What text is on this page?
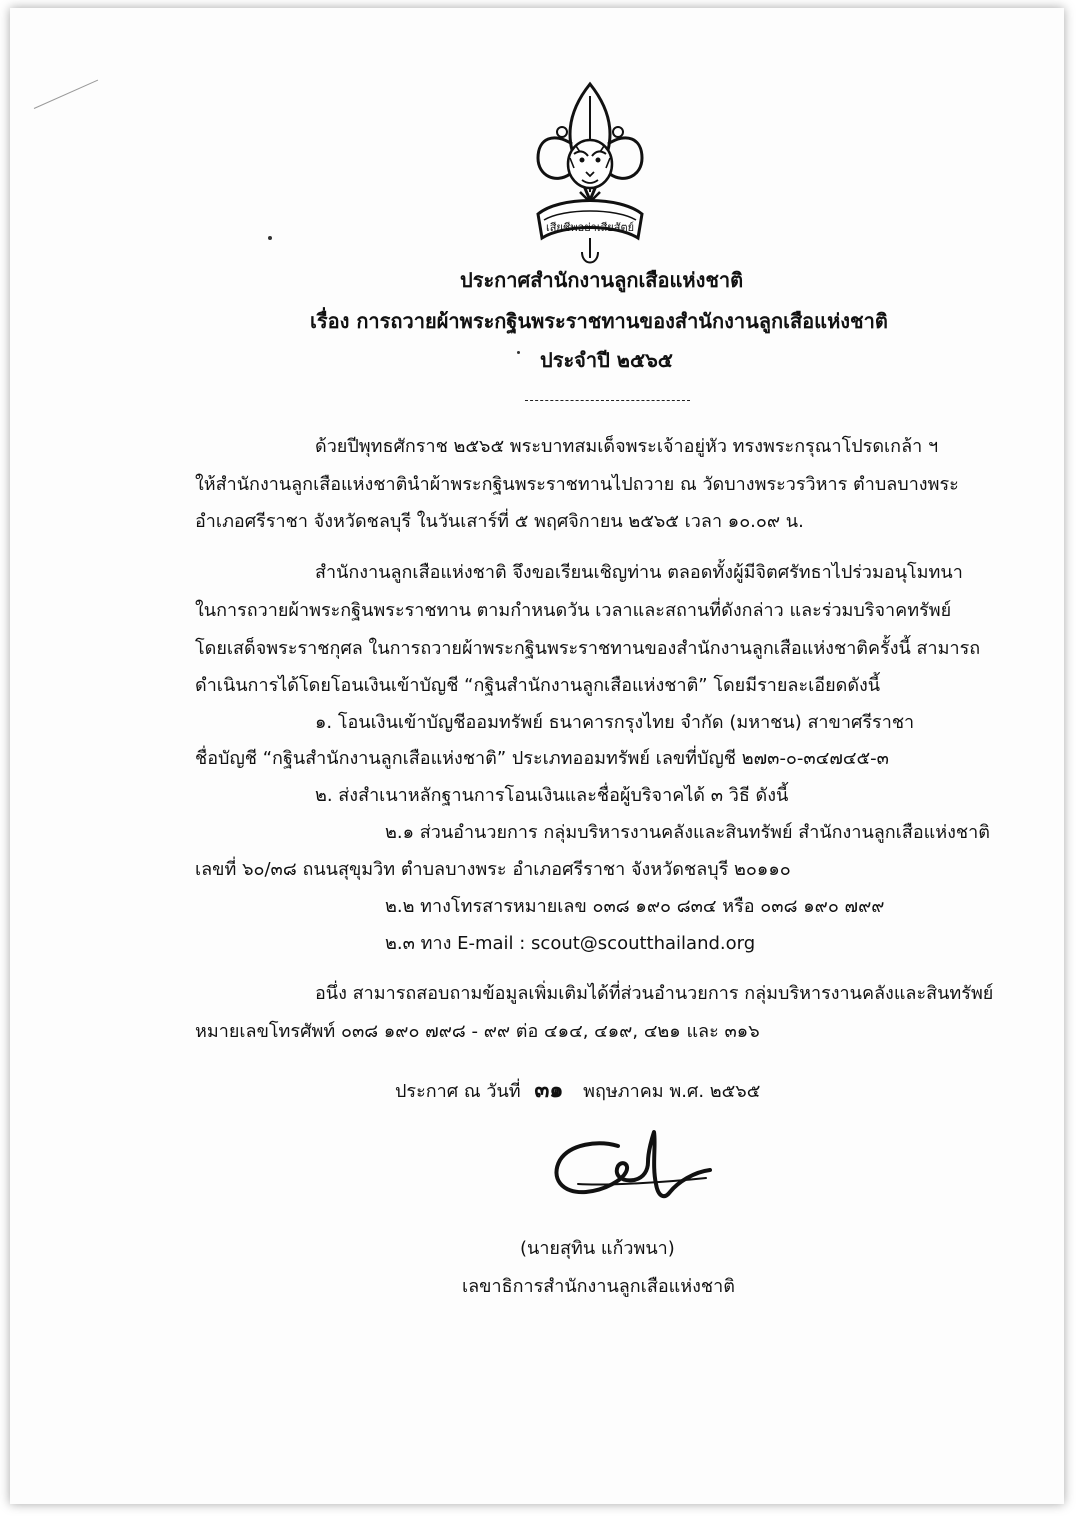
เสียชีพอย่าเสียสัตย์
ประกาศสำนักงานลูกเสือแห่งชาติ
เรื่อง การถวายผ้าพระกฐินพระราชทานของสำนักงานลูกเสือแห่งชาติ
ประจำปี ๒๕๖๕
ด้วยปีพุทธศักราช ๒๕๖๕ พระบาทสมเด็จพระเจ้าอยู่หัว ทรงพระกรุณาโปรดเกล้า ฯ
ให้สำนักงานลูกเสือแห่งชาตินำผ้าพระกฐินพระราชทานไปถวาย ณ วัดบางพระวรวิหาร ตำบลบางพระ
อำเภอศรีราชา จังหวัดชลบุรี ในวันเสาร์ที่ ๕ พฤศจิกายน ๒๕๖๕ เวลา ๑๐.๐๙ น.
สำนักงานลูกเสือแห่งชาติ จึงขอเรียนเชิญท่าน ตลอดทั้งผู้มีจิตศรัทธาไปร่วมอนุโมทนา
ในการถวายผ้าพระกฐินพระราชทาน ตามกำหนดวัน เวลาและสถานที่ดังกล่าว และร่วมบริจาคทรัพย์
โดยเสด็จพระราชกุศล ในการถวายผ้าพระกฐินพระราชทานของสำนักงานลูกเสือแห่งชาติครั้งนี้ สามารถ
ดำเนินการได้โดยโอนเงินเข้าบัญชี “กฐินสำนักงานลูกเสือแห่งชาติ” โดยมีรายละเอียดดังนี้
๑. โอนเงินเข้าบัญชีออมทรัพย์ ธนาคารกรุงไทย จำกัด (มหาชน) สาขาศรีราชา
ชื่อบัญชี “กฐินสำนักงานลูกเสือแห่งชาติ” ประเภทออมทรัพย์ เลขที่บัญชี ๒๗๓-๐-๓๔๗๔๕-๓
๒. ส่งสำเนาหลักฐานการโอนเงินและชื่อผู้บริจาคได้ ๓ วิธี ดังนี้
๒.๑ ส่วนอำนวยการ กลุ่มบริหารงานคลังและสินทรัพย์ สำนักงานลูกเสือแห่งชาติ
เลขที่ ๖๐/๓๘ ถนนสุขุมวิท ตำบลบางพระ อำเภอศรีราชา จังหวัดชลบุรี ๒๐๑๑๐
๒.๒ ทางโทรสารหมายเลข ๐๓๘ ๑๙๐ ๘๓๔ หรือ ๐๓๘ ๑๙๐ ๗๙๙
๒.๓ ทาง E-mail : scout@scoutthailand.org
อนึ่ง สามารถสอบถามข้อมูลเพิ่มเติมได้ที่ส่วนอำนวยการ กลุ่มบริหารงานคลังและสินทรัพย์
หมายเลขโทรศัพท์ ๐๓๘ ๑๙๐ ๗๙๘ - ๙๙ ต่อ ๔๑๔, ๔๑๙, ๔๒๑ และ ๓๑๖
ประกาศ ณ วันที่ ๓๑ พฤษภาคม พ.ศ. ๒๕๖๕
(นายสุทิน แก้วพนา)
เลขาธิการสำนักงานลูกเสือแห่งชาติ
